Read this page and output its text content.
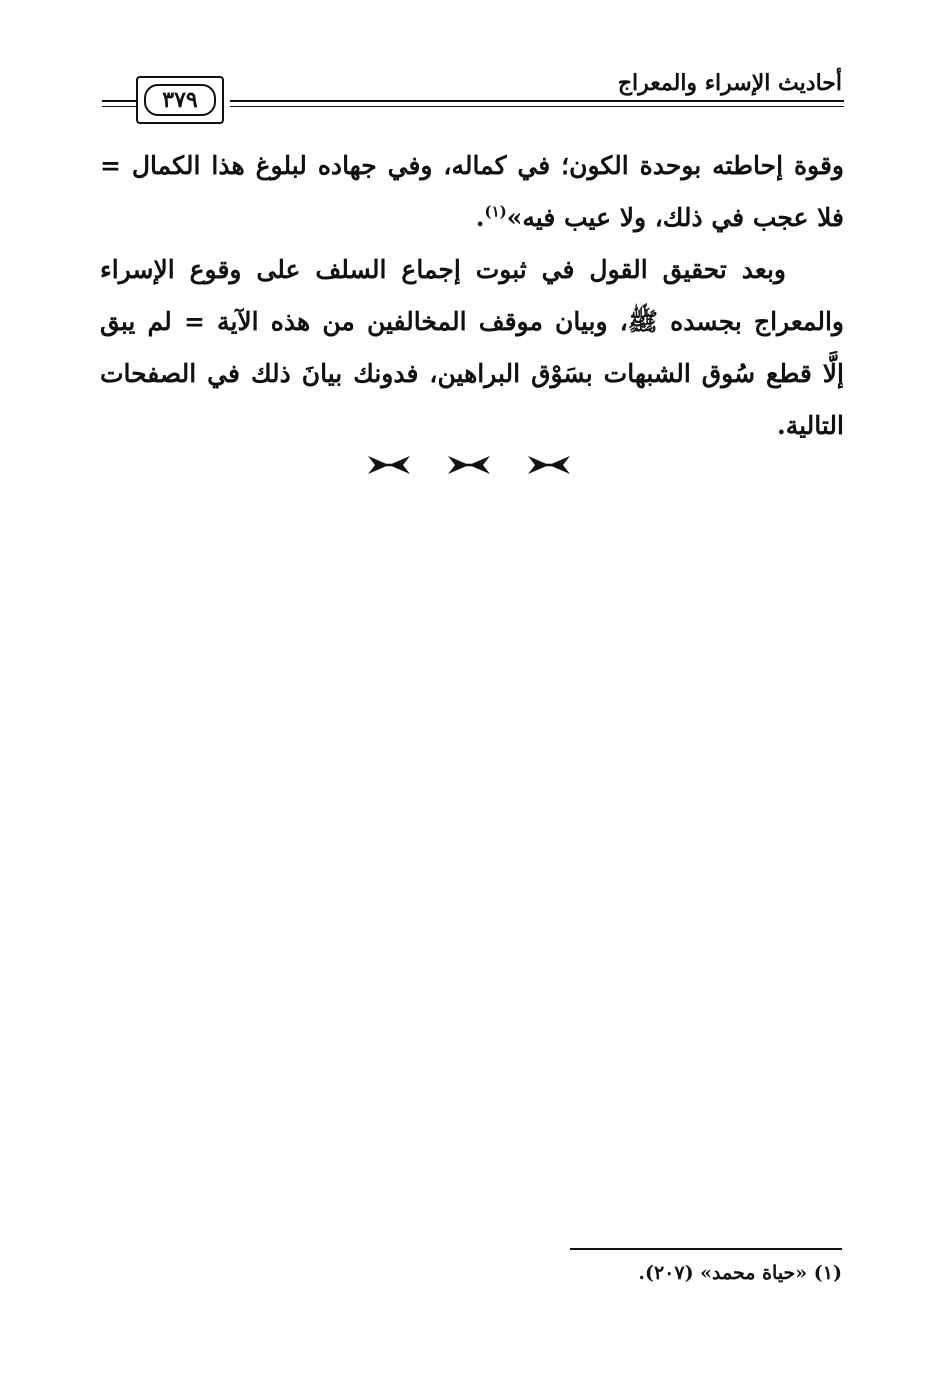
أحاديث الإسراء والمعراج
٣٧٩
وقوة إحاطته بوحدة الكون؛ في كماله، وفي جهاده لبلوغ هذا الكمال =
فلا عجب في ذلك، ولا عيب فيه»$^{(١)}$.
وبعد تحقيق القول في ثبوت إجماع السلف على وقوع الإسراء
والمعراج بجسده ﷺ، وبيان موقف المخالفين من هذه الآية = لم يبق
إلَّا قطع سُوق الشبهات بسَوْق البراهين، فدونك بيانَ ذلك في الصفحات
التالية.
(١) «حياة محمد» (٢٠٧).
